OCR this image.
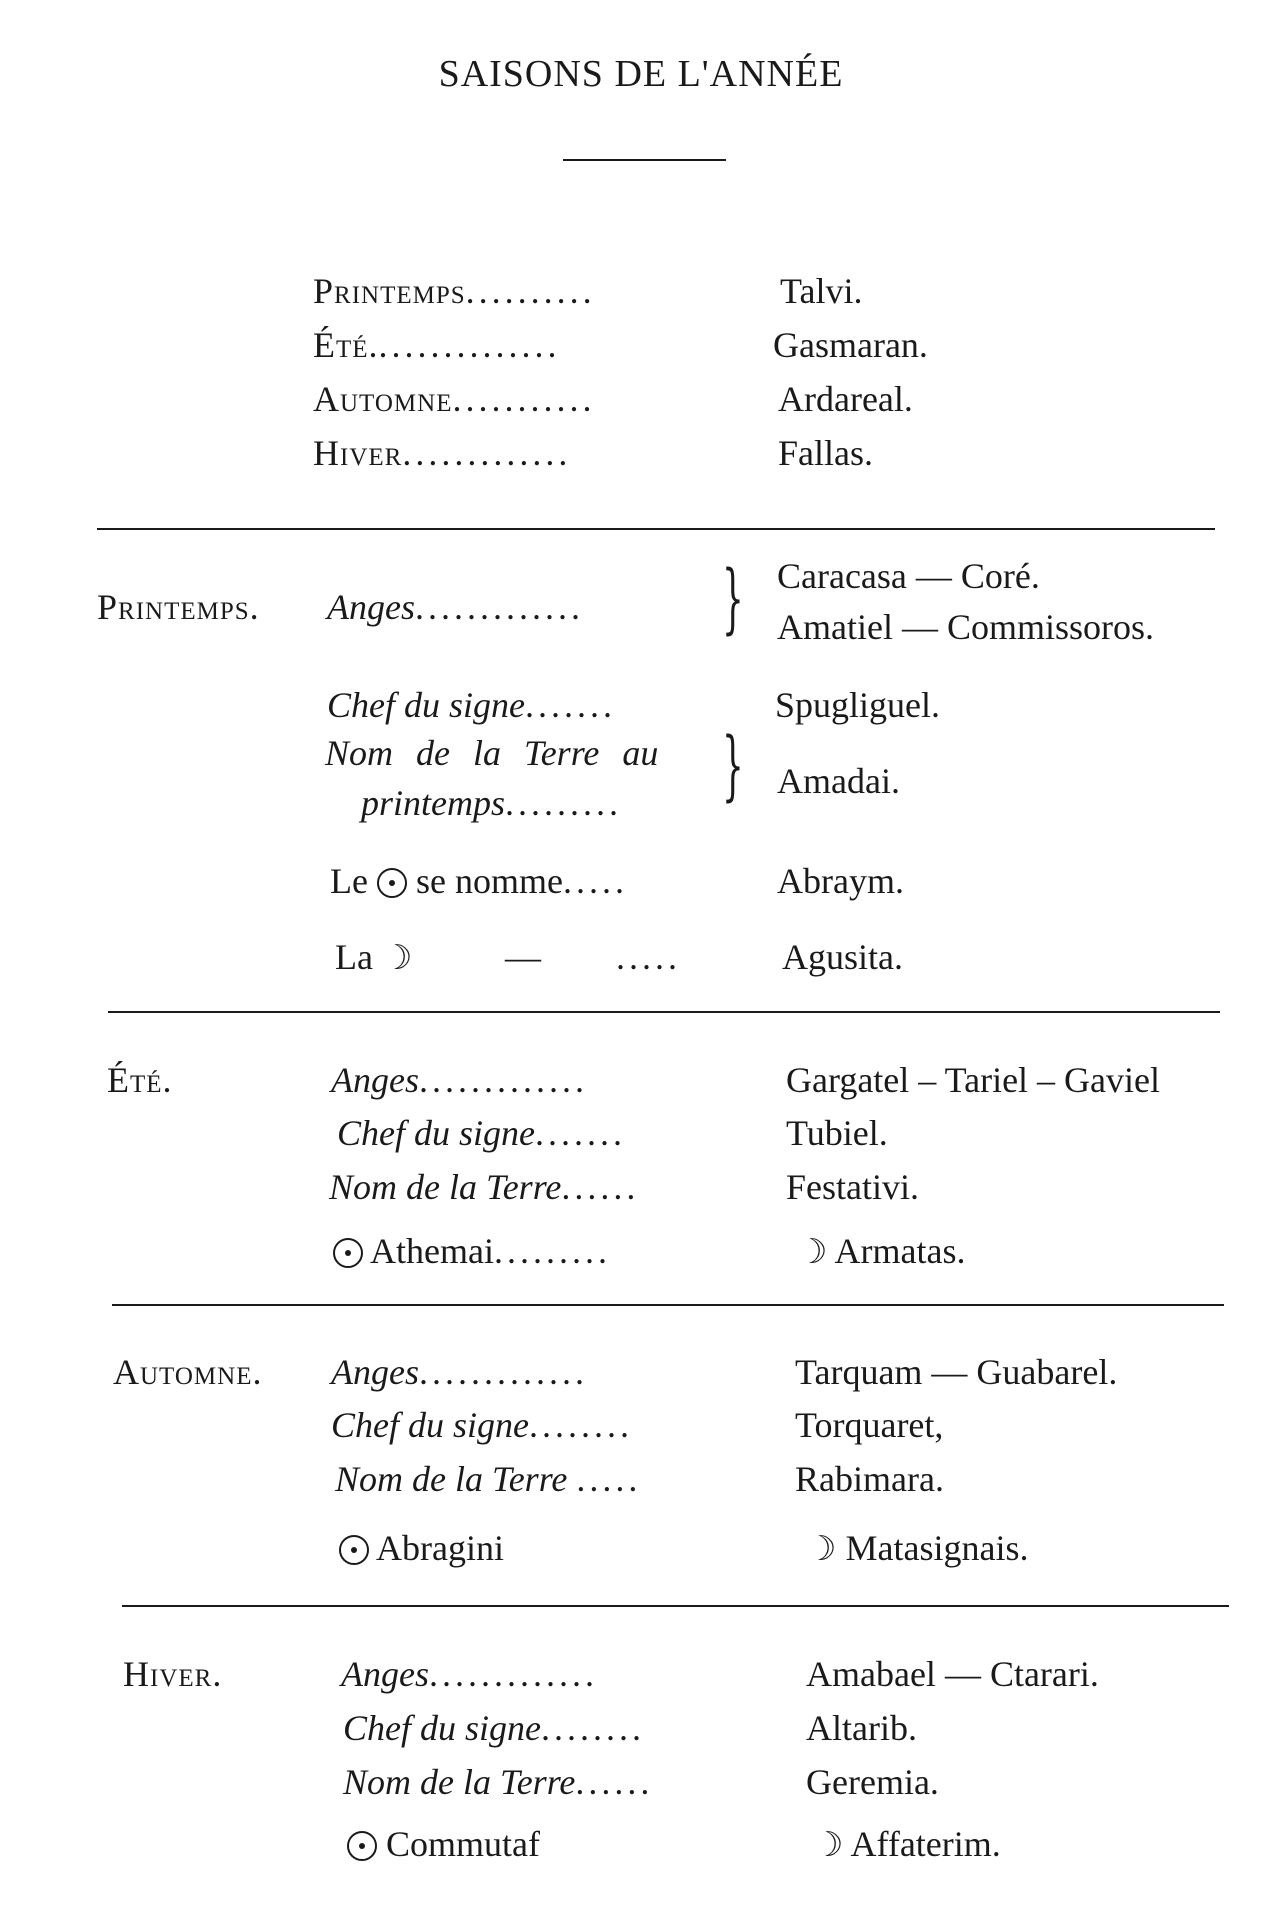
SAISONS DE L'ANNÉE
Printemps..........	Talvi.
Été...............	Gasmaran.
Automne...........	Ardareal.
Hiver.............	Fallas.
Printemps. Anges............. } Caracasa — Coré.
Amatiel — Commissoros.
Chef du signe.......	Spugliguel.
Nom de la Terre au
printemps......... } Amadai.
Le se nomme.....	Abraym.
La ☽	— .....	Agusita.
Été.	Anges.............	Gargatel – Tariel – Gaviel
Chef du signe.......	Tubiel.
Nom de la Terre......	Festativi.
Athemai.........	☽ Armatas.
Automne. Anges.............	Tarquam — Guabarel.
Chef du signe........	Torquaret,
Nom de la Terre .....	Rabimara.
Abragini	☽ Matasignais.
Hiver.	Anges.............	Amabael — Ctarari.
Chef du signe........	Altarib.
Nom de la Terre......	Geremia.
Commutaf	☽ Affaterim.
